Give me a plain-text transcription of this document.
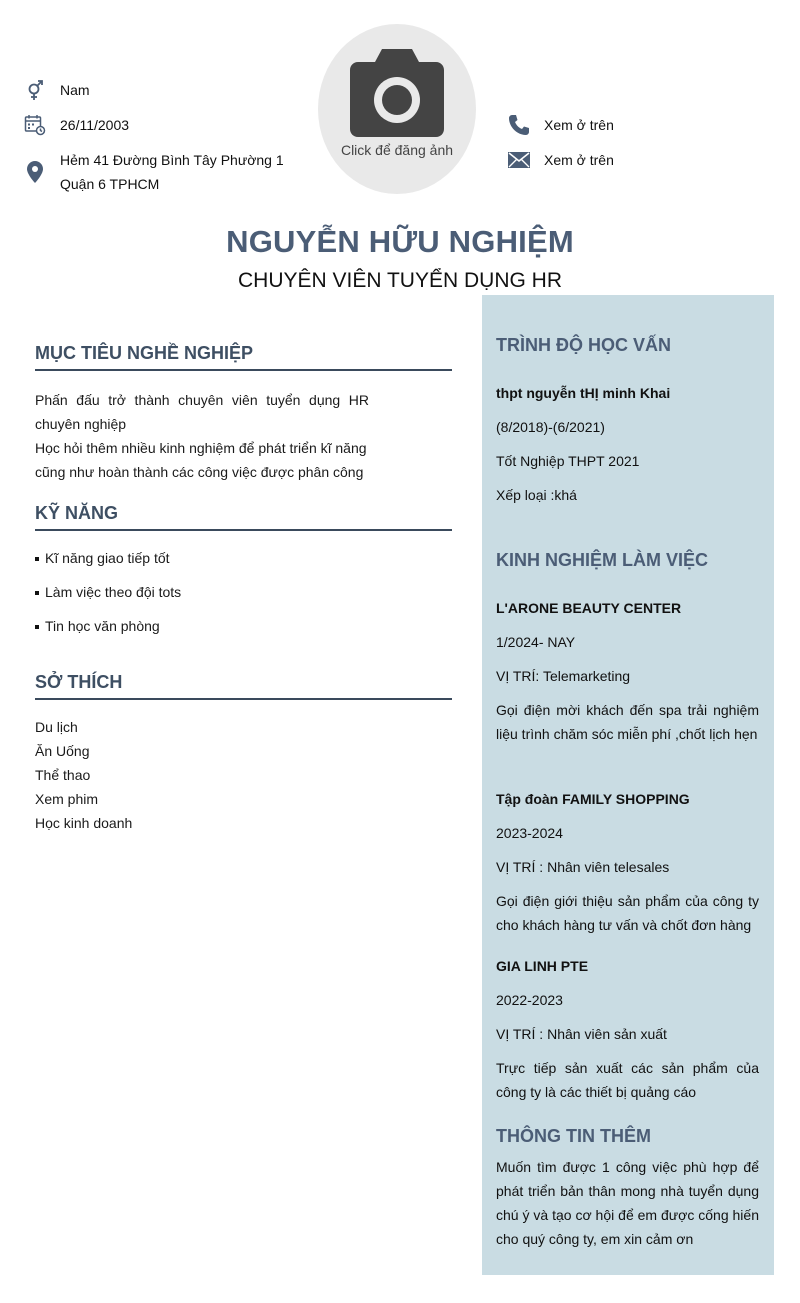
Nam
26/11/2003
Hẻm 41 Đường Bình Tây Phường 1
Quận 6 TPHCM
Click để đăng ảnh
Xem ở trên
Xem ở trên
NGUYỄN HỮU NGHIỆM
CHUYÊN VIÊN TUYỂN DỤNG HR
MỤC TIÊU NGHỀ NGHIỆP
Phấn đấu trở thành chuyên viên tuyển dụng HR chuyên nghiệp
Học hỏi thêm nhiều kinh nghiệm để phát triển kĩ năng cũng như hoàn thành các công việc được phân công
KỸ NĂNG
Kĩ năng giao tiếp tốt
Làm việc theo đội tots
Tin học văn phòng
SỞ THÍCH
Du lịch
Ăn Uống
Thể thao
Xem phim
Học kinh doanh
TRÌNH ĐỘ HỌC VẤN
thpt nguyễn tHỊ minh Khai
(8/2018)-(6/2021)
Tốt Nghiệp THPT 2021
Xếp loại :khá
KINH NGHIỆM LÀM VIỆC
L'ARONE BEAUTY CENTER
1/2024- NAY
VỊ TRÍ: Telemarketing
Gọi điện mời khách đến spa trải nghiệm liệu trình chăm sóc miễn phí ,chốt lịch hẹn
Tập đoàn FAMILY SHOPPING
2023-2024
VỊ TRÍ : Nhân viên telesales
Gọi điện giới thiệu sản phẩm của công ty cho khách hàng tư vấn và chốt đơn hàng
GIA LINH PTE
2022-2023
VỊ TRÍ : Nhân viên sản xuất
Trực tiếp sản xuất các sản phẩm của công ty là các thiết bị quảng cáo
THÔNG TIN THÊM
Muốn tìm được 1 công việc phù hợp để phát triển bản thân mong nhà tuyển dụng chú ý và tạo cơ hội để em được cống hiến cho quý công ty, em xin cảm ơn
